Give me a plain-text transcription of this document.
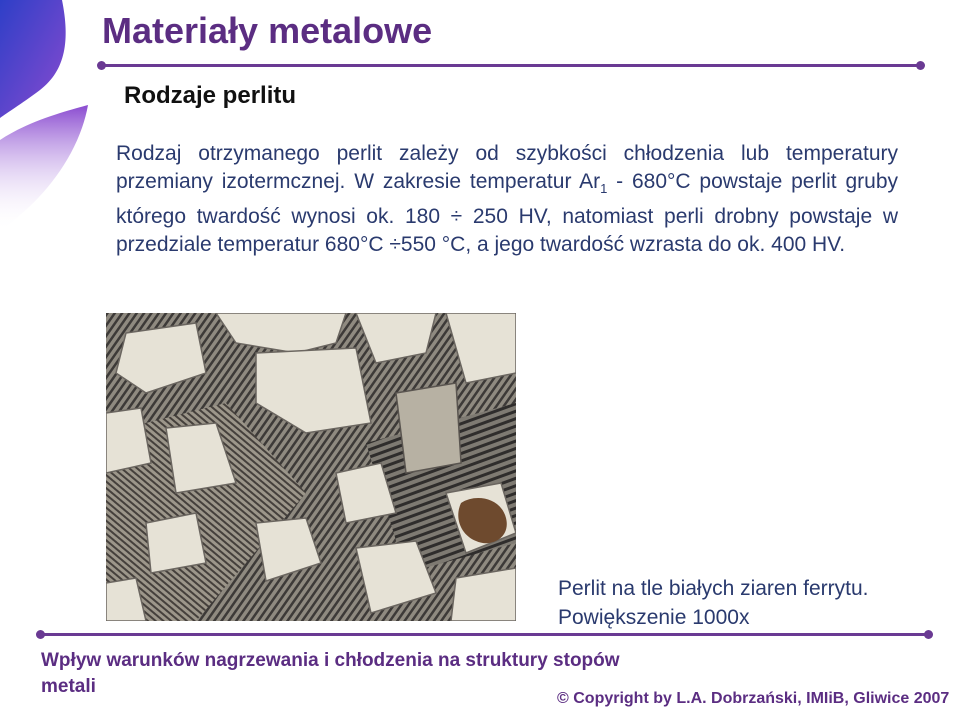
Materiały metalowe
Rodzaje perlitu

Rodzaj otrzymanego perlit zależy od szybkości chłodzenia lub temperatury przemiany izotermcznej. W zakresie temperatur $Ar_1 - 680^\circ C$ powstaje perlit gruby którego twardość wynosi ok. 180 ÷ 250 HV, natomiast perli drobny powstaje w przedziale temperatur 680°C ÷550 °C, a jego twardość wzrasta do ok. 400 HV.

Perlit na tle białych ziaren ferrytu. Powiększenie 1000x
Wpływ warunków nagrzewania i chłodzenia na struktury stopów metali
© Copyright by L.A. Dobrzański, IMIiB, Gliwice 2007
